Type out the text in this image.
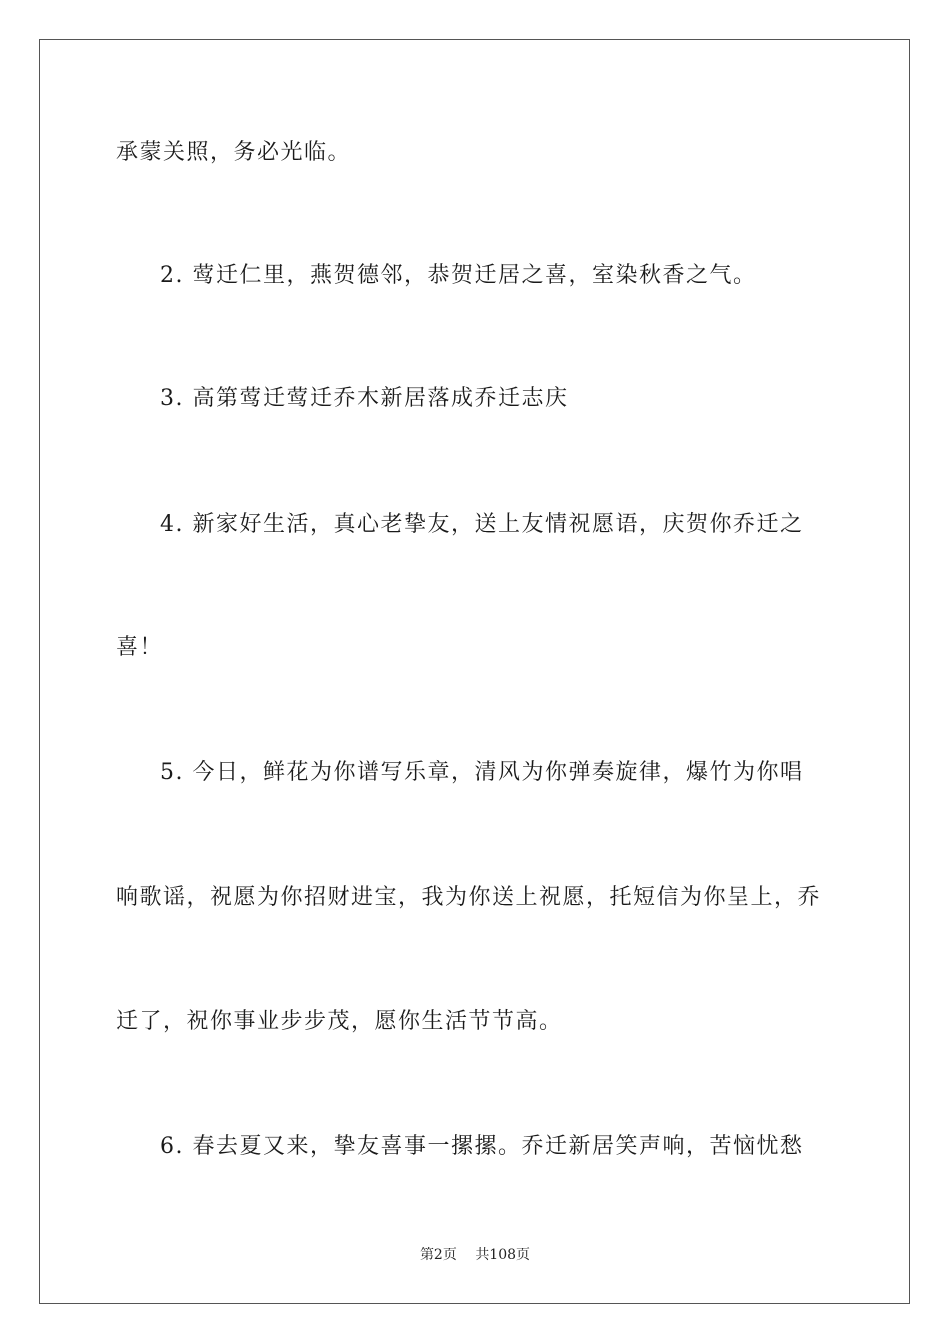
承蒙关照，务必光临。
2. 莺迁仁里，燕贺德邻，恭贺迁居之喜，室染秋香之气。
3. 高第莺迁莺迁乔木新居落成乔迁志庆
4. 新家好生活，真心老挚友，送上友情祝愿语，庆贺你乔迁之
喜！
5. 今日，鲜花为你谱写乐章，清风为你弹奏旋律，爆竹为你唱
响歌谣，祝愿为你招财进宝，我为你送上祝愿，托短信为你呈上，乔
迁了，祝你事业步步茂，愿你生活节节高。
6. 春去夏又来，挚友喜事一摞摞。乔迁新居笑声响，苦恼忧愁
第2页 共108页
